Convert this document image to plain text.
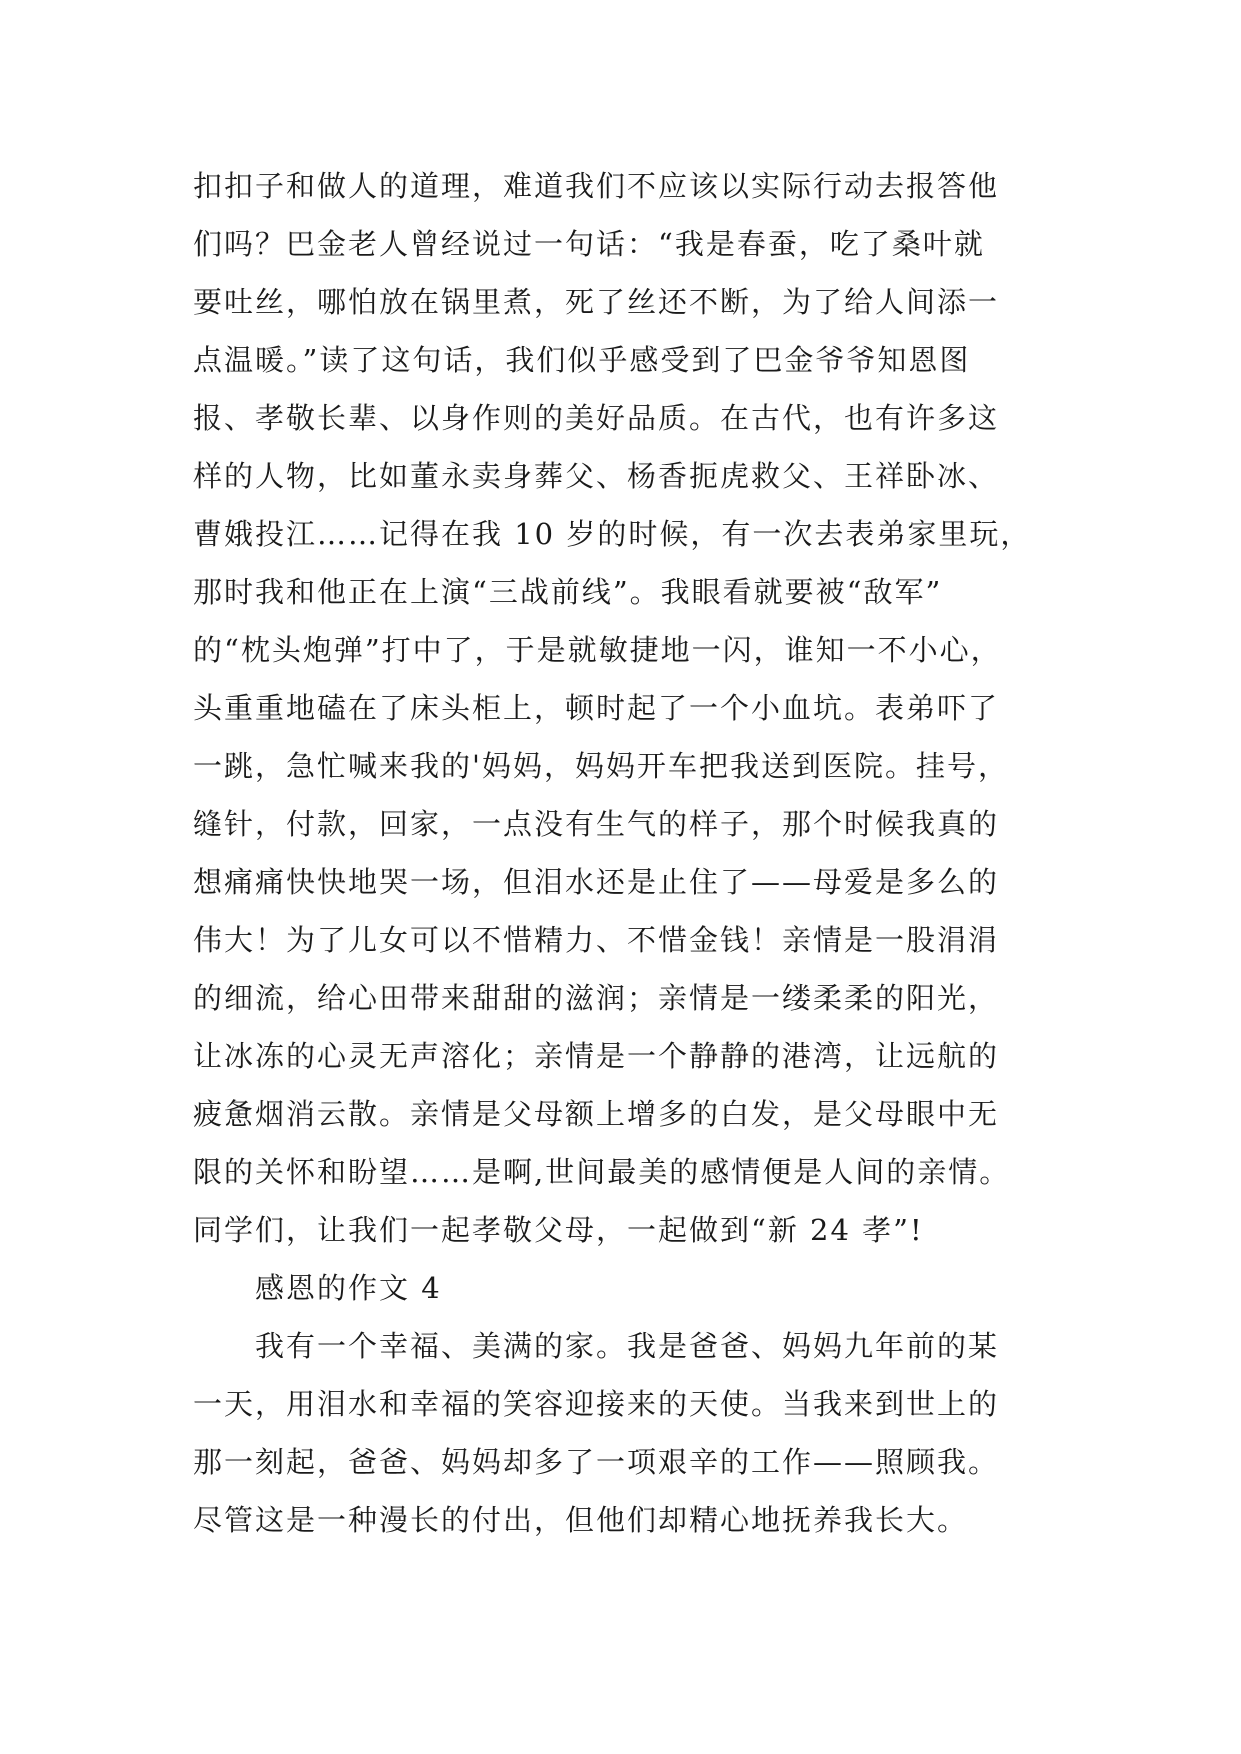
扣扣子和做人的道理，难道我们不应该以实际行动去报答他
们吗？巴金老人曾经说过一句话：“我是春蚕，吃了桑叶就
要吐丝，哪怕放在锅里煮，死了丝还不断，为了给人间添一
点温暖。”读了这句话，我们似乎感受到了巴金爷爷知恩图
报、孝敬长辈、以身作则的美好品质。在古代，也有许多这
样的人物，比如董永卖身葬父、杨香扼虎救父、王祥卧冰、
曹娥投江……记得在我 10 岁的时候，有一次去表弟家里玩，
那时我和他正在上演“三战前线”。我眼看就要被“敌军”
的“枕头炮弹”打中了，于是就敏捷地一闪，谁知一不小心，
头重重地磕在了床头柜上，顿时起了一个小血坑。表弟吓了
一跳，急忙喊来我的'妈妈，妈妈开车把我送到医院。挂号，
缝针，付款，回家，一点没有生气的样子，那个时候我真的
想痛痛快快地哭一场，但泪水还是止住了——母爱是多么的
伟大！为了儿女可以不惜精力、不惜金钱！亲情是一股涓涓
的细流，给心田带来甜甜的滋润；亲情是一缕柔柔的阳光，
让冰冻的心灵无声溶化；亲情是一个静静的港湾，让远航的
疲惫烟消云散。亲情是父母额上增多的白发，是父母眼中无
限的关怀和盼望……是啊,世间最美的感情便是人间的亲情。
同学们，让我们一起孝敬父母，一起做到“新 24 孝”!
感恩的作文 4
我有一个幸福、美满的家。我是爸爸、妈妈九年前的某
一天，用泪水和幸福的笑容迎接来的天使。当我来到世上的
那一刻起，爸爸、妈妈却多了一项艰辛的工作——照顾我。
尽管这是一种漫长的付出，但他们却精心地抚养我长大。
